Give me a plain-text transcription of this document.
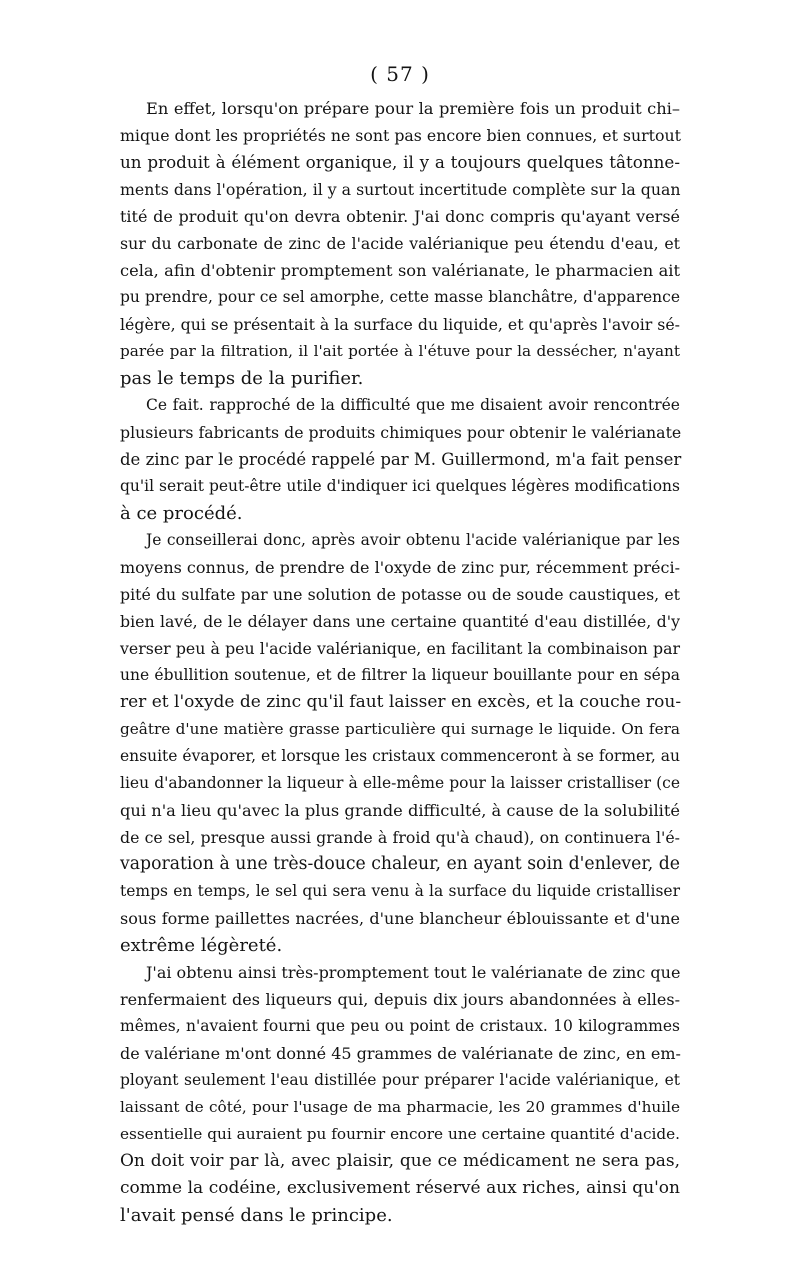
( 57 )
En effet, lorsqu'on prépare pour la première fois un produit chi–
mique dont les propriétés ne sont pas encore bien connues, et surtout
un produit à élément organique, il y a toujours quelques tâtonne-
ments dans l'opération, il y a surtout incertitude complète sur la quan
tité de produit qu'on devra obtenir. J'ai donc compris qu'ayant versé
sur du carbonate de zinc de l'acide valérianique peu étendu d'eau, et
cela, afin d'obtenir promptement son valérianate, le pharmacien ait
pu prendre, pour ce sel amorphe, cette masse blanchâtre, d'apparence
légère, qui se présentait à la surface du liquide, et qu'après l'avoir sé-
parée par la filtration, il l'ait portée à l'étuve pour la dessécher, n'ayant
pas le temps de la purifier.
Ce fait. rapproché de la difficulté que me disaient avoir rencontrée
plusieurs fabricants de produits chimiques pour obtenir le valérianate
de zinc par le procédé rappelé par M. Guillermond, m'a fait penser
qu'il serait peut-être utile d'indiquer ici quelques légères modifications
à ce procédé.
Je conseillerai donc, après avoir obtenu l'acide valérianique par les
moyens connus, de prendre de l'oxyde de zinc pur, récemment préci-
pité du sulfate par une solution de potasse ou de soude caustiques, et
bien lavé, de le délayer dans une certaine quantité d'eau distillée, d'y
verser peu à peu l'acide valérianique, en facilitant la combinaison par
une ébullition soutenue, et de filtrer la liqueur bouillante pour en sépa
rer et l'oxyde de zinc qu'il faut laisser en excès, et la couche rou-
geâtre d'une matière grasse particulière qui surnage le liquide. On fera
ensuite évaporer, et lorsque les cristaux commenceront à se former, au
lieu d'abandonner la liqueur à elle-même pour la laisser cristalliser (ce
qui n'a lieu qu'avec la plus grande difficulté, à cause de la solubilité
de ce sel, presque aussi grande à froid qu'à chaud), on continuera l'é-
vaporation à une très-douce chaleur, en ayant soin d'enlever, de
temps en temps, le sel qui sera venu à la surface du liquide cristalliser
sous forme paillettes nacrées, d'une blancheur éblouissante et d'une
extrême légèreté.
J'ai obtenu ainsi très-promptement tout le valérianate de zinc que
renfermaient des liqueurs qui, depuis dix jours abandonnées à elles-
mêmes, n'avaient fourni que peu ou point de cristaux. 10 kilogrammes
de valériane m'ont donné 45 grammes de valérianate de zinc, en em-
ployant seulement l'eau distillée pour préparer l'acide valérianique, et
laissant de côté, pour l'usage de ma pharmacie, les 20 grammes d'huile
essentielle qui auraient pu fournir encore une certaine quantité d'acide.
On doit voir par là, avec plaisir, que ce médicament ne sera pas,
comme la codéine, exclusivement réservé aux riches, ainsi qu'on
l'avait pensé dans le principe.
